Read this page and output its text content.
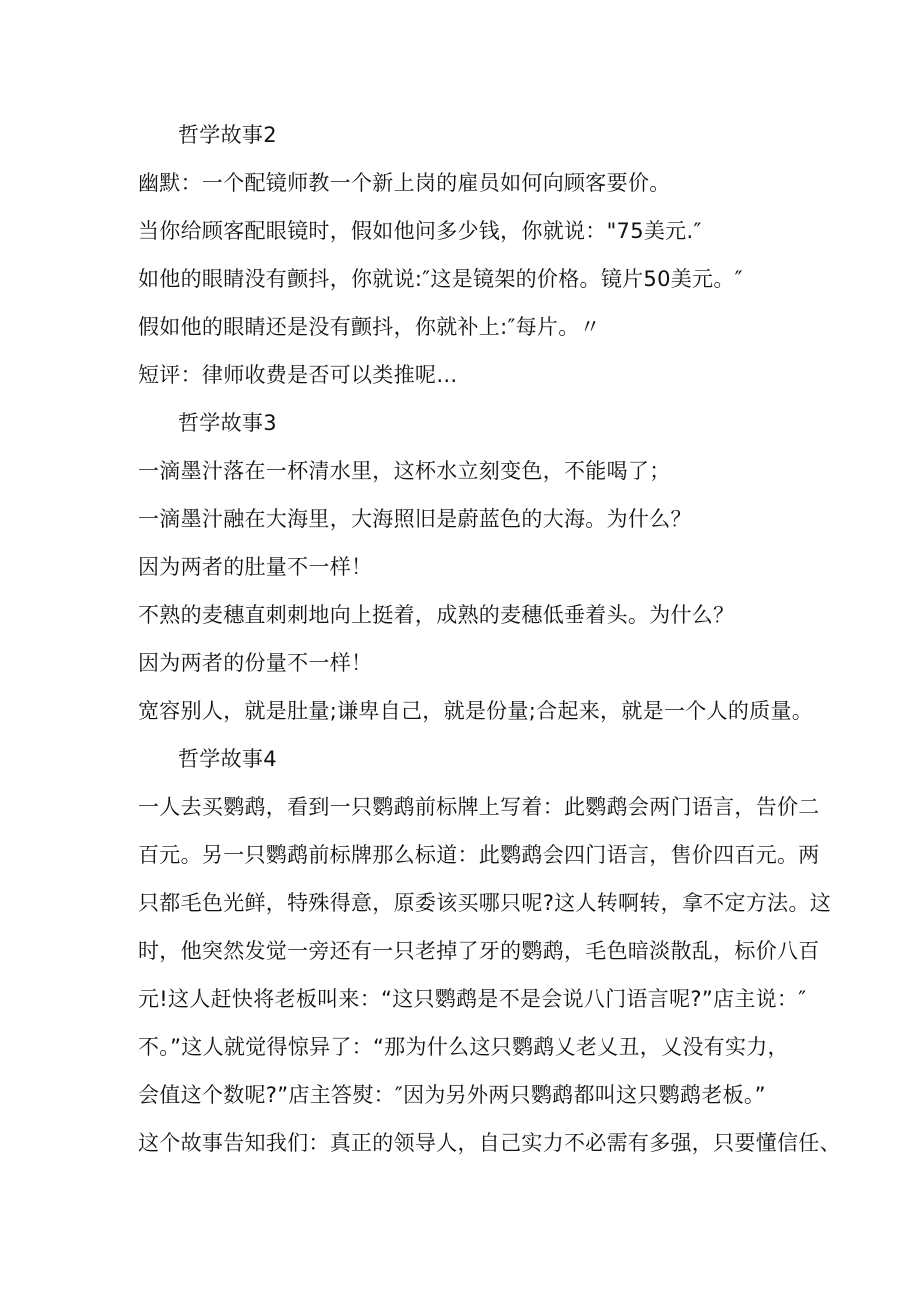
哲学故事2
幽默：一个配镜师教一个新上岗的雇员如何向顾客要价。
当你给顾客配眼镜时，假如他问多少钱，你就说："75美元.″
如他的眼睛没有颤抖，你就说:″这是镜架的价格。镜片50美元。″
假如他的眼睛还是没有颤抖，你就补上:″每片。〃
短评：律师收费是否可以类推呢…
哲学故事3
一滴墨汁落在一杯清水里，这杯水立刻变色，不能喝了；
一滴墨汁融在大海里，大海照旧是蔚蓝色的大海。为什么？
因为两者的肚量不一样！
不熟的麦穗直刺刺地向上挺着，成熟的麦穗低垂着头。为什么？
因为两者的份量不一样！
宽容别人，就是肚量;谦卑自己，就是份量;合起来，就是一个人的质量。
哲学故事4
一人去买鹦鹉，看到一只鹦鹉前标牌上写着：此鹦鹉会两门语言，告价二
百元。另一只鹦鹉前标牌那么标道：此鹦鹉会四门语言，售价四百元。两
只都毛色光鲜，特殊得意，原委该买哪只呢?这人转啊转，拿不定方法。这
时，他突然发觉一旁还有一只老掉了牙的鹦鹉，毛色暗淡散乱，标价八百
元!这人赶快将老板叫来：“这只鹦鹉是不是会说八门语言呢?”店主说：″
不。”这人就觉得惊异了：“那为什么这只鹦鹉乂老乂丑，乂没有实力，
会值这个数呢?”店主答熨：″因为另外两只鹦鹉都叫这只鹦鹉老板。”
这个故事告知我们：真正的领导人，自己实力不必需有多强，只要懂信任、
